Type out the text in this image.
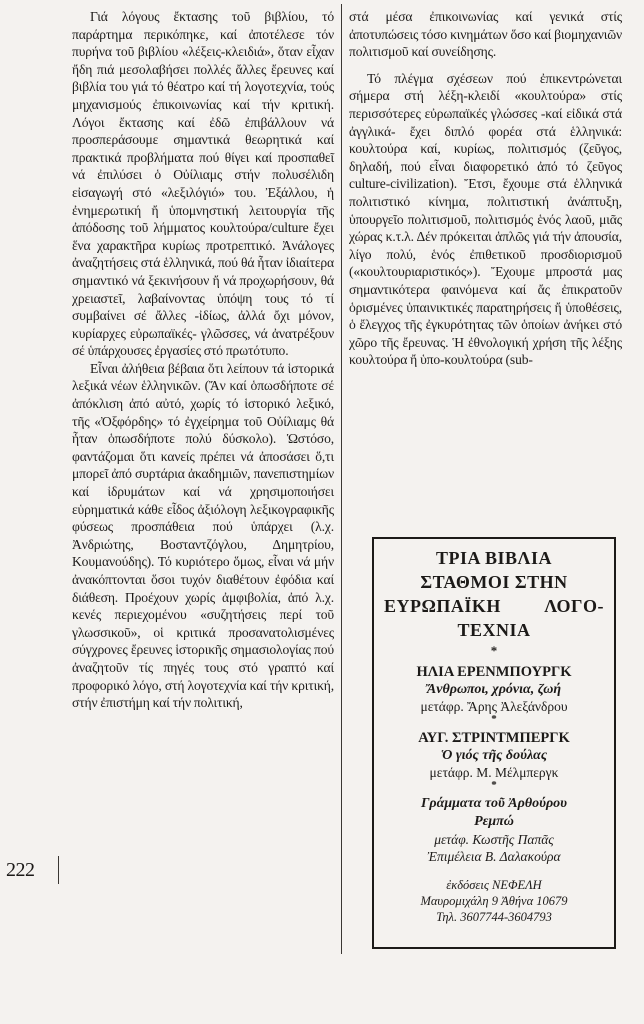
Γιά λόγους ἔκτασης τοῦ βιβλίου, τό παράρτημα περικόπηκε, καί ἀποτέλεσε τόν πυρήνα τοῦ βιβλίου «λέξεις-κλειδιά», ὅταν εἶχαν ἤδη πιά μεσολαβήσει πολλές ἄλλες ἔρευνες καί βιβλία του γιά τό θέατρο καί τή λογοτεχνία, τούς μηχανισμούς ἐπικοινωνίας καί τήν κριτική. Λόγοι ἔκτασης καί ἐδῶ ἐπιβάλλουν νά προσπεράσουμε σημαντικά θεωρητικά καί πρακτικά προβλήματα πού θίγει καί προσπαθεῖ νά ἐπιλύσει ὁ Οὐίλιαμς στήν πολυσέλιδη εἰσαγωγή στό «λεξιλόγιό» του. Ἐξάλλου, ἡ ἐνημερωτική ἤ ὑπομνηστική λειτουργία τῆς ἀπόδοσης τοῦ λήμματος κουλτούρα/culture ἔχει ἕνα χαρακτῆρα κυρίως προτρεπτικό. Ἀνάλογες ἀναζητήσεις στά ἑλληνικά, πού θά ἦταν ἰδιαίτερα σημαντικό νά ξεκινήσουν ἤ νά προχωρήσουν, θά χρειαστεῖ, λαβαίνοντας ὑπόψη τους τό τί συμβαίνει σέ ἄλλες -ἰδίως, ἀλλά ὄχι μόνον, κυρίαρχες εὐρωπαϊκές- γλῶσσες, νά ἀνατρέξουν σέ ὑπάρχουσες ἐργασίες στό πρωτότυπο.

Εἶναι ἀλήθεια βέβαια ὅτι λείπουν τά ἱστορικά λεξικά νέων ἑλληνικῶν. (Ἄν καί ὁπωσδήποτε σέ ἀπόκλιση ἀπό αὐτό, χωρίς τό ἱστορικό λεξικό, τῆς «Ὀξφόρδης» τό ἐγχείρημα τοῦ Οὐίλιαμς θά ἦταν ὁπωσδήποτε πολύ δύσκολο). Ὡστόσο, φαντάζομαι ὅτι κανείς πρέπει νά ἀποσάσει ὅ,τι μπορεῖ ἀπό συρτάρια ἀκαδημιῶν, πανεπιστημίων καί ἱδρυμάτων καί νά χρησιμοποιήσει εὑρηματικά κάθε εἶδος ἀξιόλογη λεξικογραφικῆς φύσεως προσπάθεια πού ὑπάρχει (λ.χ. Ἀνδριώτης, Βοσταντζόγλου, Δημητρίου, Κουμανούδης). Τό κυριότερο ὅμως, εἶναι νά μήν ἀνακόπτονται ὅσοι τυχόν διαθέτουν ἐφόδια καί διάθεση. Προέχουν χωρίς ἀμφιβολία, ἀπό λ.χ. κενές περιεχομένου «συζητήσεις περί τοῦ γλωσσικοῦ», οἱ κριτικά προσανατολισμένες σύγχρονες ἔρευνες ἱστορικῆς σημασιολογίας πού ἀναζητοῦν τίς πηγές τους στό γραπτό καί προφορικό λόγο, στή λογοτεχνία καί τήν κριτική, στήν ἐπιστήμη καί τήν πολιτική,

στά μέσα ἐπικοινωνίας καί γενικά στίς ἀποτυπώσεις τόσο κινημάτων ὅσο καί βιομηχανιῶν πολιτισμοῦ καί συνείδησης.

Τό πλέγμα σχέσεων πού ἐπικεντρώνεται σήμερα στή λέξη-κλειδί «κουλτούρα» στίς περισσότερες εὐρωπαϊκές γλώσσες -καί εἰδικά στά ἀγγλικά- ἔχει διπλό φορέα στά ἑλληνικά: κουλτούρα καί, κυρίως, πολιτισμός (ζεῦγος, δηλαδή, πού εἶναι διαφορετικό ἀπό τό ζεῦγος culture-civilization). Ἔτσι, ἔχουμε στά ἑλληνικά πολιτιστικό κίνημα, πολιτιστική ἀνάπτυξη, ὑπουργεῖο πολιτισμοῦ, πολιτισμός ἑνός λαοῦ, μιᾶς χώρας κ.τ.λ. Δέν πρόκειται ἁπλῶς γιά τήν ἀπουσία, λίγο πολύ, ἑνός ἐπιθετικοῦ προσδιορισμοῦ («κουλτουριαριστικός»). Ἔχουμε μπροστά μας σημαντικότερα φαινόμενα καί ἄς ἐπικρατοῦν ὁρισμένες ὑπαινικτικές παρατηρήσεις ἤ ὑποθέσεις, ὁ ἔλεγχος τῆς ἐγκυρότητας τῶν ὁποίων ἀνήκει στό χῶρο τῆς ἔρευνας. Ἡ ἐθνολογική χρήση τῆς λέξης κουλτούρα ἤ ὑπο-κουλτούρα (sub-

222
ΤΡΙΑ ΒΙΒΛΙΑ
ΣΤΑΘΜΟΙ ΣΤΗΝ
ΕΥΡΩΠΑΪΚΗ ΛΟΓΟ-
ΤΕΧΝΙΑ
*
ΗΛΙΑ ΕΡΕΝΜΠΟΥΡΓΚ
Ἄνθρωποι, χρόνια, ζωή
μετάφρ. Ἄρης Ἀλεξάνδρου
*
ΑΥΓ. ΣΤΡΙΝΤΜΠΕΡΓΚ
Ὁ γιός τῆς δούλας
μετάφρ. Μ. Μέλμπεργκ
*
Γράμματα τοῦ Ἀρθούρου
Ρεμπώ
μετάφ. Κωστῆς Παπᾶς
Ἐπιμέλεια Β. Δαλακούρα
ἐκδόσεις ΝΕΦΕΛΗ
Μαυρομιχάλη 9 Ἀθήνα 10679
Τηλ. 3607744-3604793
